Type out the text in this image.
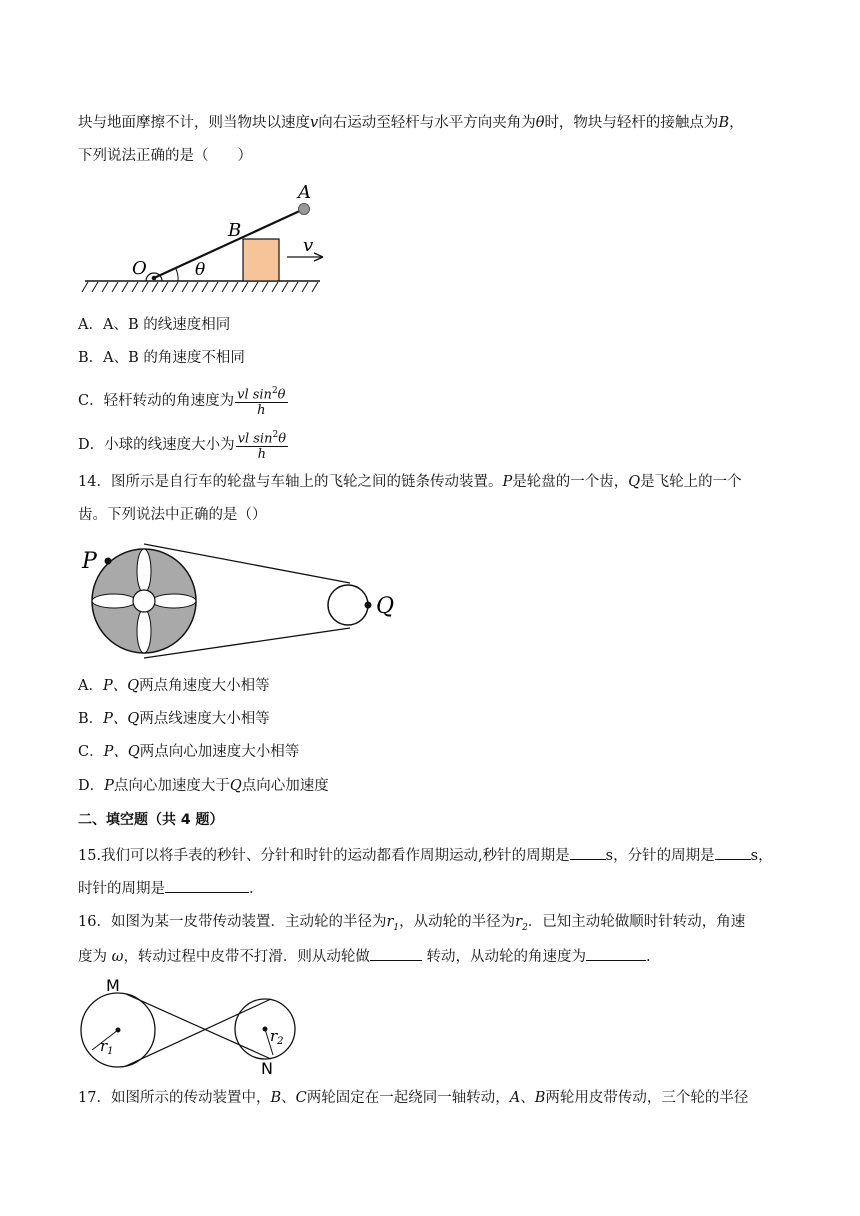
块与地面摩擦不计，则当物块以速度v向右运动至轻杆与水平方向夹角为θ时，物块与轻杆的接触点为B，
下列说法正确的是（　　）
A
B
O	θ
v
A．A、B 的线速度相同
B．A、B 的角速度不相同
C．轻杆转动的角速度为 $\frac{vl \sin^2\theta}{h}$
D．小球的线速度大小为 $\frac{vl \sin^2\theta}{h}$
14．图所示是自行车的轮盘与车轴上的飞轮之间的链条传动装置。P是轮盘的一个齿，Q是飞轮上的一个
齿。下列说法中正确的是（）
P
Q
A．P、Q两点角速度大小相等
B．P、Q两点线速度大小相等
C．P、Q两点向心加速度大小相等
D．P点向心加速度大于Q点向心加速度
二、填空题（共 4 题）
15.我们可以将手表的秒针、分针和时针的运动都看作周期运动,秒针的周期是 s，分针的周期是 s，
时针的周期是	.
16．如图为某一皮带传动装置．主动轮的半径为$r_1$，从动轮的半径为$r_2$．已知主动轮做顺时针转动，角速
度为 ω，转动过程中皮带不打滑．则从动轮做	转动，从动轮的角速度为	.
M
N
$r_1$
$r_2$
17．如图所示的传动装置中，B、C两轮固定在一起绕同一轴转动，A、B两轮用皮带传动，三个轮的半径
